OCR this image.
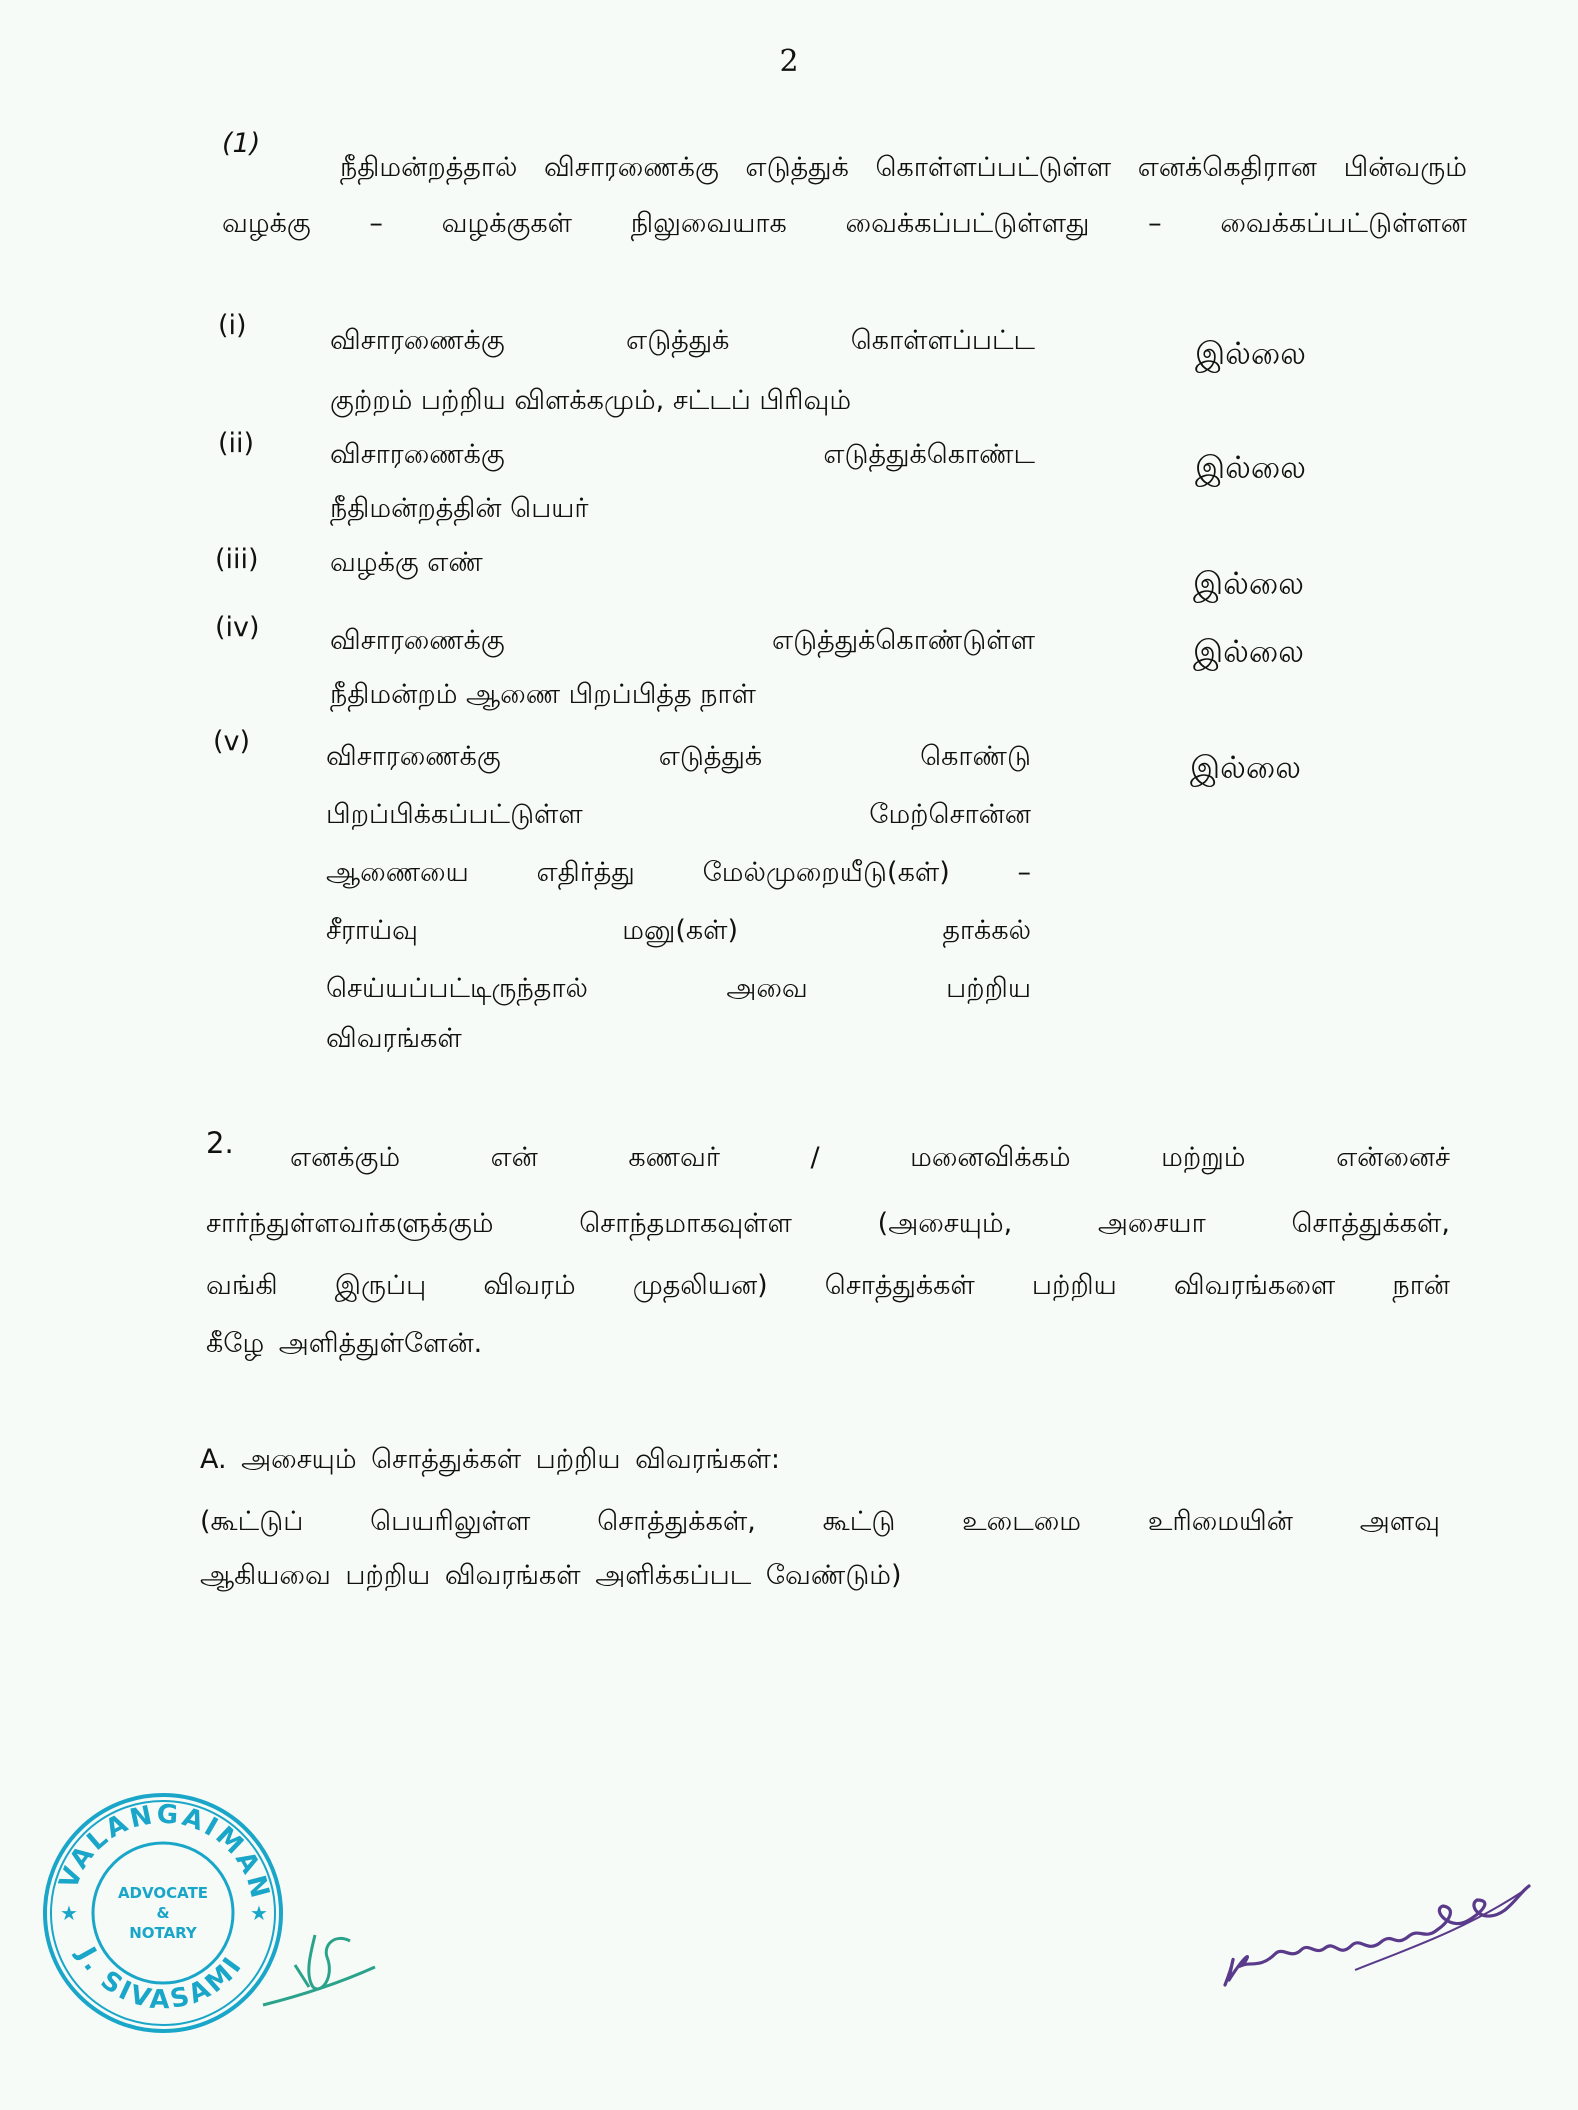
2
(1)
நீதிமன்றத்தால் விசாரணைக்கு எடுத்துக் கொள்ளப்பட்டுள்ள எனக்கெதிரான பின்வரும் வழக்கு – வழக்குகள் நிலுவையாக வைக்கப்பட்டுள்ளது – வைக்கப்பட்டுள்ளன
(i)	விசாரணைக்கு எடுத்துக் கொள்ளப்பட்ட
குற்றம் பற்றிய விளக்கமும், சட்டப் பிரிவும்
இல்லை
(ii)	விசாரணைக்கு எடுத்துக்கொண்ட
நீதிமன்றத்தின் பெயர்
இல்லை
(iii)	வழக்கு எண்
இல்லை
(iv)	விசாரணைக்கு எடுத்துக்கொண்டுள்ள
நீதிமன்றம் ஆணை பிறப்பித்த நாள்
இல்லை
(v)	விசாரணைக்கு எடுத்துக் கொண்டு
பிறப்பிக்கப்பட்டுள்ள மேற்சொன்ன
ஆணையை எதிர்த்து மேல்முறையீடு(கள்) –
சீராய்வு மனு(கள்) தாக்கல்
செய்யப்பட்டிருந்தால் அவை பற்றிய
விவரங்கள்
இல்லை
2. எனக்கும் என் கணவர் / மனைவிக்கம் மற்றும் என்னைச்
சார்ந்துள்ளவர்களுக்கும் சொந்தமாகவுள்ள (அசையும், அசையா சொத்துக்கள்,
வங்கி இருப்பு விவரம் முதலியன) சொத்துக்கள் பற்றிய விவரங்களை நான்
கீழே அளித்துள்ளேன்.
A. அசையும் சொத்துக்கள் பற்றிய விவரங்கள்:
(கூட்டுப் பெயரிலுள்ள சொத்துக்கள், கூட்டு உடைமை உரிமையின் அளவு
ஆகியவை பற்றிய விவரங்கள் அளிக்கப்பட வேண்டும்)
VALANGAIMAN
J. SIVASAMI
ADVOCATE
&
NOTARY
★	★
